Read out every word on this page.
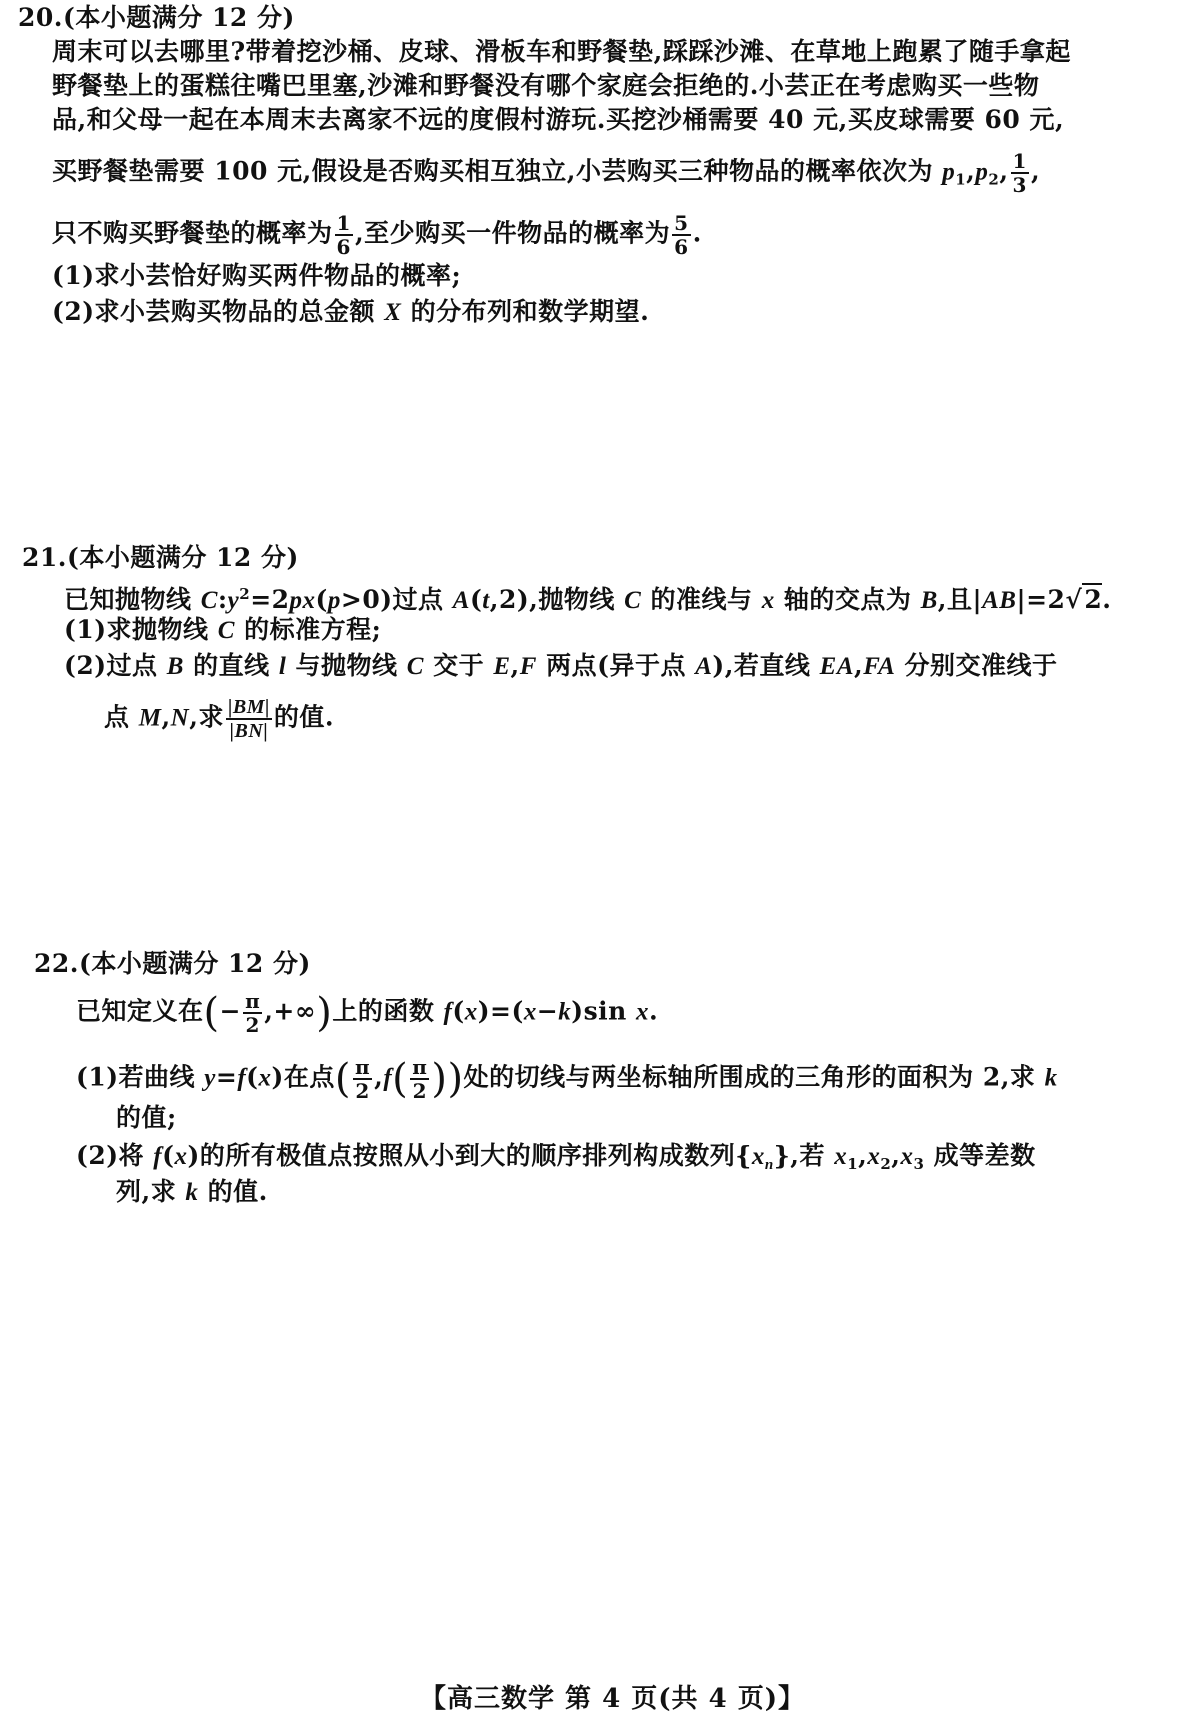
20.(本小题满分 12 分)
周末可以去哪里?带着挖沙桶、皮球、滑板车和野餐垫,踩踩沙滩、在草地上跑累了随手拿起
野餐垫上的蛋糕往嘴巴里塞,沙滩和野餐没有哪个家庭会拒绝的.小芸正在考虑购买一些物
品,和父母一起在本周末去离家不远的度假村游玩.买挖沙桶需要 40 元,买皮球需要 60 元,
买野餐垫需要 100 元,假设是否购买相互独立,小芸购买三种物品的概率依次为 $p_1,p_2$, $\frac{1}{3}$ ,
只不购买野餐垫的概率为 $\frac{1}{6}$ ,至少购买一件物品的概率为 $\frac{5}{6}$ .
(1)求小芸恰好购买两件物品的概率;
(2)求小芸购买物品的总金额 X 的分布列和数学期望.
21.(本小题满分 12 分)
已知抛物线 $C:y^2=2px(p>0)$过点 A(t,2),抛物线 C 的准线与 x 轴的交点为 B,且|AB|=2√2.
(1)求抛物线 C 的标准方程;
(2)过点 B 的直线 l 与抛物线 C 交于 E,F 两点(异于点 A),若直线 EA,FA 分别交准线于
点 M,N,求 $\frac{|BM|}{|BN|}$ 的值.
22.(本小题满分 12 分)
已知定义在(− $\frac{\pi}{2}$ ,+∞)上的函数 f(x)=(x−k)sin x.
(1)若曲线 y=f(x)在点( $\frac{\pi}{2} ,f( \frac{\pi}{2}$ ))处的切线与两坐标轴所围成的三角形的面积为 2,求 k
的值;
(2)将 f(x)的所有极值点按照从小到大的顺序排列构成数列$\{x_n\}$,若 $x_1,x_2,x_3$ 成等差数
列,求 k 的值.
【高三数学 第 4 页(共 4 页)】
